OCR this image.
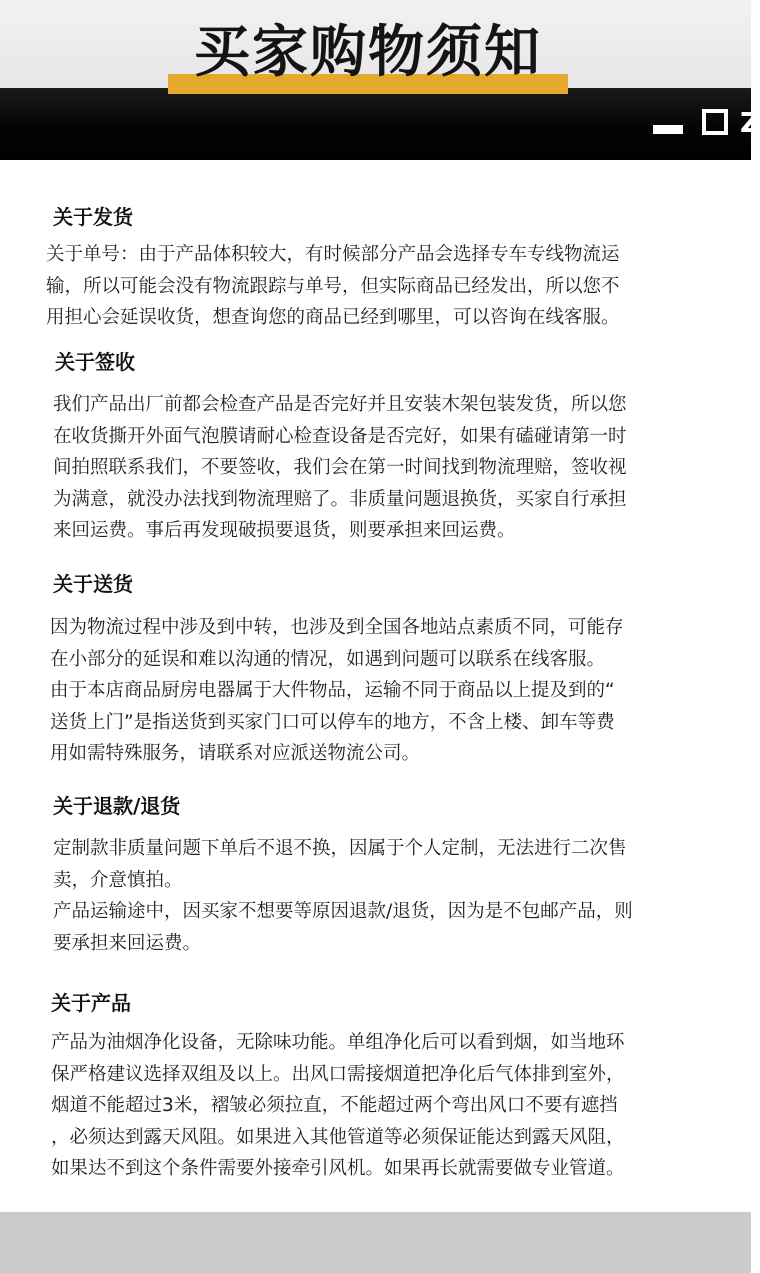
买家购物须知
Z
关于发货
关于单号：由于产品体积较大，有时候部分产品会选择专车专线物流运
输，所以可能会没有物流跟踪与单号，但实际商品已经发出，所以您不
用担心会延误收货，想查询您的商品已经到哪里，可以咨询在线客服。
关于签收
我们产品出厂前都会检查产品是否完好并且安装木架包装发货，所以您
在收货撕开外面气泡膜请耐心检查设备是否完好，如果有磕碰请第一时
间拍照联系我们，不要签收，我们会在第一时间找到物流理赔，签收视
为满意，就没办法找到物流理赔了。非质量问题退换货，买家自行承担
来回运费。事后再发现破损要退货，则要承担来回运费。
关于送货
因为物流过程中涉及到中转，也涉及到全国各地站点素质不同，可能存
在小部分的延误和难以沟通的情况，如遇到问题可以联系在线客服。
由于本店商品厨房电器属于大件物品，运输不同于商品以上提及到的“
送货上门”是指送货到买家门口可以停车的地方，不含上楼、卸车等费
用如需特殊服务，请联系对应派送物流公司。
关于退款/退货
定制款非质量问题下单后不退不换，因属于个人定制，无法进行二次售
卖，介意慎拍。
产品运输途中，因买家不想要等原因退款/退货，因为是不包邮产品，则
要承担来回运费。
关于产品
产品为油烟净化设备，无除味功能。单组净化后可以看到烟，如当地环
保严格建议选择双组及以上。出风口需接烟道把净化后气体排到室外，
烟道不能超过3米，褶皱必须拉直，不能超过两个弯出风口不要有遮挡
，必须达到露天风阻。如果进入其他管道等必须保证能达到露天风阻，
如果达不到这个条件需要外接牵引风机。如果再长就需要做专业管道。
